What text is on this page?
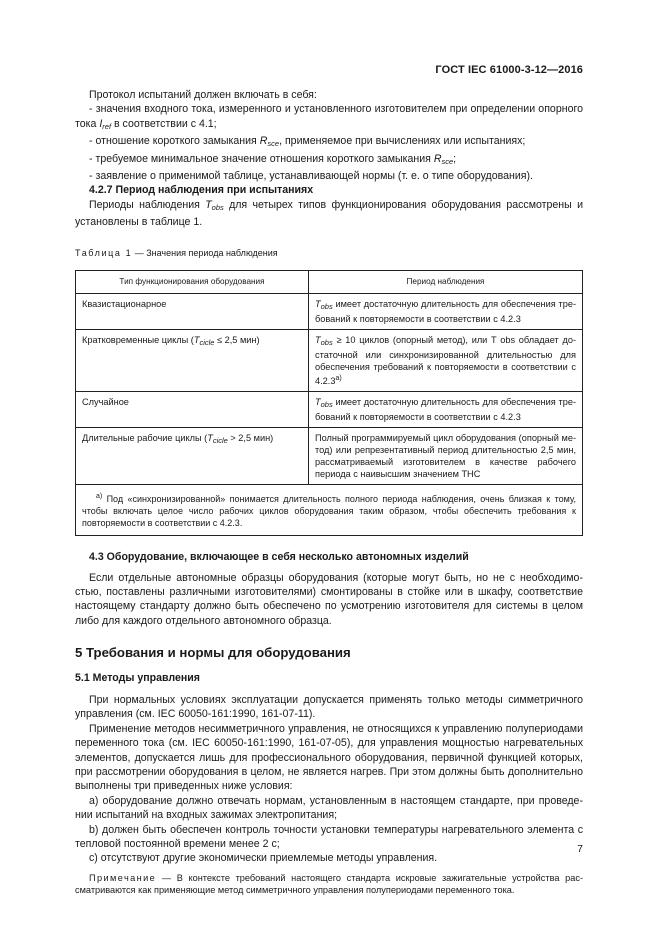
ГОСТ IEC 61000-3-12—2016

Протокол испытаний должен включать в себя:

- значения входного тока, измеренного и установленного изготовителем при определении опорного тока $I_{ref}$ в соответствии с 4.1;

- отношение короткого замыкания $R_{sce}$, применяемое при вычислениях или испытаниях;

- требуемое минимальное значение отношения короткого замыкания $R_{sce}$;

- заявление о применимой таблице, устанавливающей нормы (т. е. о типе оборудования).

4.2.7 Период наблюдения при испытаниях

Периоды наблюдения $T_{obs}$ для четырех типов функционирования оборудования рассмотрены и установлены в таблице 1.

Таблица 1 — Значения периода наблюдения

Тип функционирования оборудования	Период наблюдения
Квазистационарное	$T_{obs}$ имеет достаточную длительность для обеспечения требований к повторяемости в соответствии с 4.2.3
Кратковременные циклы ($T_{cicle} \le 2,5$ мин)	$T_{obs} \ge 10$ циклов (опорный метод), или T obs обладает достаточной или синхронизированной длительностью для обеспечения требований к повторяемости в соответствии с $4.2.3^{а)}$
Случайное	$T_{obs}$ имеет достаточную длительность для обеспечения требований к повторяемости в соответствии с 4.2.3
Длительные рабочие циклы ($T_{cicle} > 2,5$ мин)	Полный программируемый цикл оборудования (опорный метод) или репрезентативный период длительностью 2,5 мин, рассматриваемый изготовителем в качестве рабочего периода с наивысшим значением THC
$^{а)}$ Под «синхронизированной» понимается длительность полного периода наблюдения, очень близкая к тому, чтобы включать целое число рабочих циклов оборудования таким образом, чтобы обеспечить требования к повторяемости в соответствии с 4.2.3.	

4.3 Оборудование, включающее в себя несколько автономных изделий

Если отдельные автономные образцы оборудования (которые могут быть, но не с необходимостью, поставлены различными изготовителями) смонтированы в стойке или в шкафу, соответствие настоящему стандарту должно быть обеспечено по усмотрению изготовителя для системы в целом либо для каждого отдельного автономного образца.

5 Требования и нормы для оборудования

5.1 Методы управления

При нормальных условиях эксплуатации допускается применять только методы симметричного управления (см. IEC 60050-161:1990, 161-07-11).

Применение методов несимметричного управления, не относящихся к управлению полупериодами переменного тока (см. IEC 60050-161:1990, 161-07-05), для управления мощностью нагревательных элементов, допускается лишь для профессионального оборудования, первичной функцией которых, при рассмотрении оборудования в целом, не является нагрев. При этом должны быть дополнительно выполнены три приведенных ниже условия:

a) оборудование должно отвечать нормам, установленным в настоящем стандарте, при проведении испытаний на входных зажимах электропитания;

b) должен быть обеспечен контроль точности установки температуры нагревательного элемента с тепловой постоянной времени менее 2 с;

c) отсутствуют другие экономически приемлемые методы управления.

Примечание — В контексте требований настоящего стандарта искровые зажигательные устройства рассматриваются как применяющие метод симметричного управления полупериодами переменного тока.

7
